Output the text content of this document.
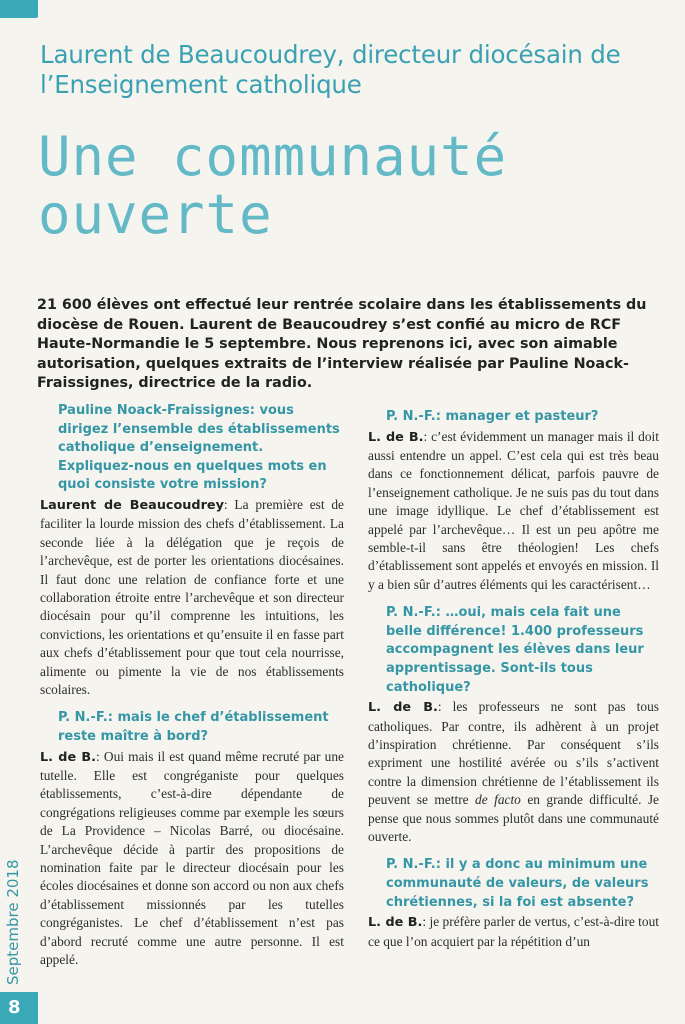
Laurent de Beaucoudrey, directeur diocésain de l’Enseignement catholique
Une communauté
ouverte

21 600 élèves ont effectué leur rentrée scolaire dans les établissements du diocèse de Rouen. Laurent de Beaucoudrey s’est confié au micro de RCF Haute-Normandie le 5 septembre. Nous reprenons ici, avec son aimable autorisation, quelques extraits de l’interview réalisée par Pauline Noack-Fraissignes, directrice de la radio.

Pauline Noack-Fraissignes: vous dirigez l’ensemble des établissements catholique d’enseignement. Expliquez-nous en quelques mots en quoi consiste votre mission?

Laurent de Beaucoudrey: La première est de faciliter la lourde mission des chefs d’établissement. La seconde liée à la délégation que je reçois de l’archevêque, est de porter les orientations diocésaines. Il faut donc une relation de confiance forte et une collaboration étroite entre l’archevêque et son directeur diocésain pour qu’il comprenne les intuitions, les convictions, les orientations et qu’ensuite il en fasse part aux chefs d’établissement pour que tout cela nourrisse, alimente ou pimente la vie de nos établissements scolaires.

P. N.-F.: mais le chef d’établissement reste maître à bord?

L. de B.: Oui mais il est quand même recruté par une tutelle. Elle est congréganiste pour quelques établissements, c’est-à-dire dépendante de congrégations religieuses comme par exemple les sœurs de La Providence – Nicolas Barré, ou diocésaine. L’archevêque décide à partir des propositions de nomination faite par le directeur diocésain pour les écoles diocésaines et donne son accord ou non aux chefs d’établissement missionnés par les tutelles congréganistes. Le chef d’établissement n’est pas d’abord recruté comme une autre personne. Il est appelé.

P. N.-F.: manager et pasteur?

L. de B.: c’est évidemment un manager mais il doit aussi entendre un appel. C’est cela qui est très beau dans ce fonctionnement délicat, parfois pauvre de l’enseignement catholique. Je ne suis pas du tout dans une image idyllique. Le chef d’établissement est appelé par l’archevêque… Il est un peu apôtre me semble-t-il sans être théologien! Les chefs d’établissement sont appelés et envoyés en mission. Il y a bien sûr d’autres éléments qui les caractérisent…

P. N.-F.: …oui, mais cela fait une belle différence! 1.400 professeurs accompagnent les élèves dans leur apprentissage. Sont-ils tous catholique?

L. de B.: les professeurs ne sont pas tous catholiques. Par contre, ils adhèrent à un projet d’inspiration chrétienne. Par conséquent s’ils expriment une hostilité avérée ou s’ils s’activent contre la dimension chrétienne de l’établissement ils peuvent se mettre de facto en grande difficulté. Je pense que nous sommes plutôt dans une communauté ouverte.

P. N.-F.: il y a donc au minimum une communauté de valeurs, de valeurs chrétiennes, si la foi est absente?

L. de B.: je préfère parler de vertus, c’est-à-dire tout ce que l’on acquiert par la répétition d’un

Septembre 2018
8
